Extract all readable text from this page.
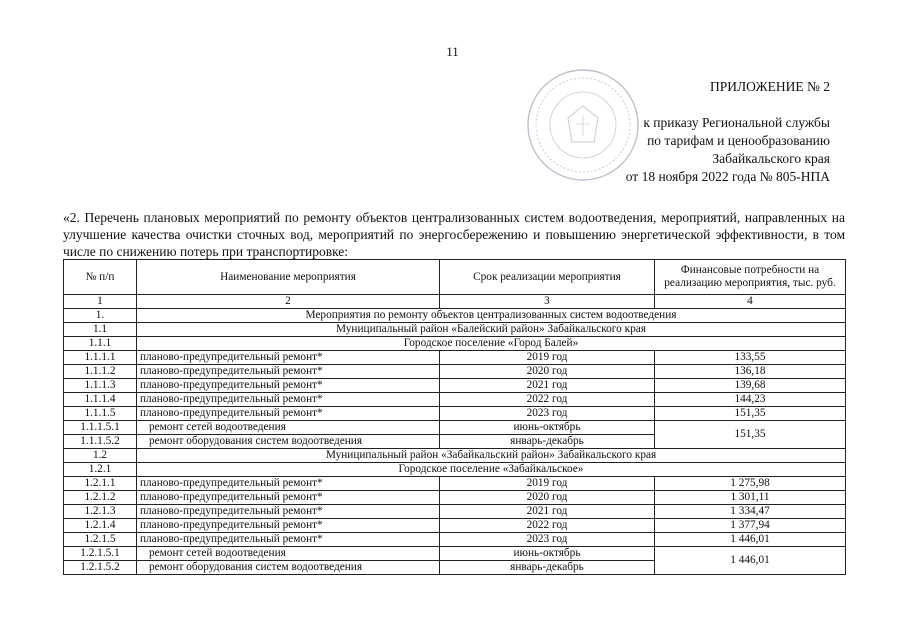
11
ПРИЛОЖЕНИЕ № 2
к приказу Региональной службы
по тарифам и ценообразованию
Забайкальского края
от 18 ноября 2022 года № 805-НПА
«2. Перечень плановых мероприятий по ремонту объектов централизованных систем водоотведения, мероприятий, направленных на улучшение качества очистки сточных вод, мероприятий по энергосбережению и повышению энергетической эффективности, в том числе по снижению потерь при транспортировке:
№ п/п	Наименование мероприятия	Срок реализации мероприятия	Финансовые потребности на реализацию мероприятия, тыс. руб.
1	2	3	4
1.	Мероприятия по ремонту объектов централизованных систем водоотведения		
1.1	Муниципальный район «Балейский район» Забайкальского края		
1.1.1	Городское поселение «Город Балей»		
1.1.1.1	планово-предупредительный ремонт*	2019 год	133,55
1.1.1.2	планово-предупредительный ремонт*	2020 год	136,18
1.1.1.3	планово-предупредительный ремонт*	2021 год	139,68
1.1.1.4	планово-предупредительный ремонт*	2022 год	144,23
1.1.1.5	планово-предупредительный ремонт*	2023 год	151,35
1.1.1.5.1	ремонт сетей водоотведения	июнь-октябрь	151,35
1.1.1.5.2	ремонт оборудования систем водоотведения	январь-декабрь	
1.2	Муниципальный район «Забайкальский район» Забайкальского края		
1.2.1	Городское поселение «Забайкальское»		
1.2.1.1	планово-предупредительный ремонт*	2019 год	1 275,98
1.2.1.2	планово-предупредительный ремонт*	2020 год	1 301,11
1.2.1.3	планово-предупредительный ремонт*	2021 год	1 334,47
1.2.1.4	планово-предупредительный ремонт*	2022 год	1 377,94
1.2.1.5	планово-предупредительный ремонт*	2023 год	1 446,01
1.2.1.5.1	ремонт сетей водоотведения	июнь-октябрь	1 446,01
1.2.1.5.2	ремонт оборудования систем водоотведения	январь-декабрь	
